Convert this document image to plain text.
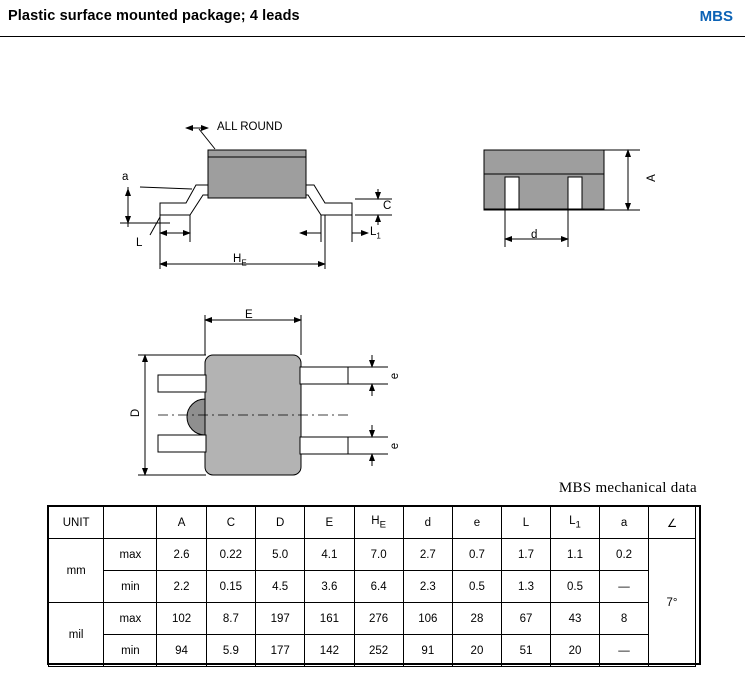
Plastic surface mounted package; 4 leads	MBS
ALL ROUND
a
C
L
$L_1$
$H_E$
d
A
E
D
e
e
MBS mechanical data
UNIT		A	C	D	E	$H_E$	d	e	L	$L_1$	a	∠
mm	max	2.6	0.22	5.0	4.1	7.0	2.7	0.7	1.7	1.1	0.2	7°
	min	2.2	0.15	4.5	3.6	6.4	2.3	0.5	1.3	0.5	—	
mil	max	102	8.7	197	161	276	106	28	67	43	8	
	min	94	5.9	177	142	252	91	20	51	20	—	
